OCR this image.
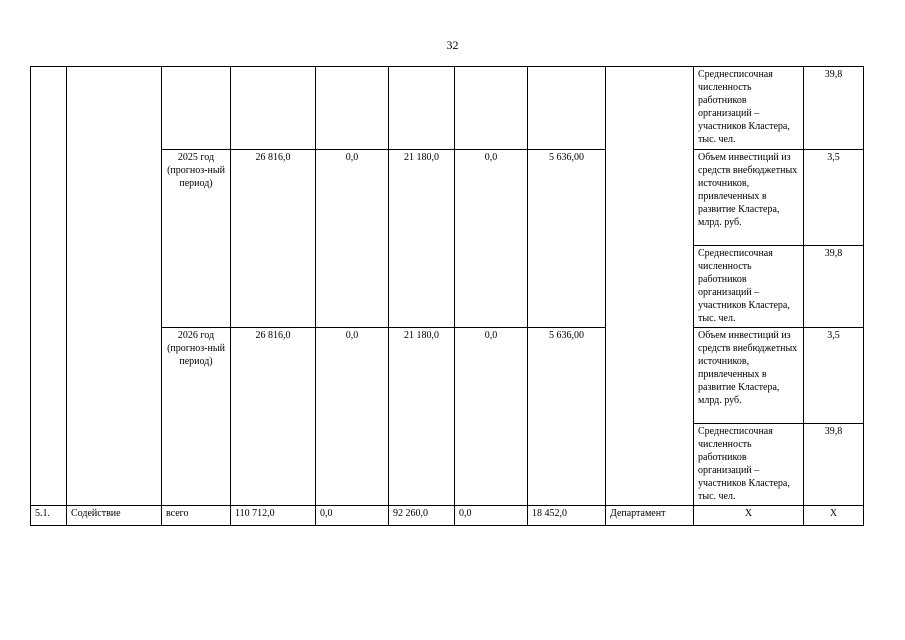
32
									Среднесписочная численность работников организаций – участников Кластера, тыс. чел.	39,8
		2025 год (прогноз-ный период)	26 816,0	0,0	21 180,0	0,0	5 636,00		Объем инвестиций из средств внебюджетных источников, привлеченных в развитие Кластера, млрд. руб.	3,5
									Среднесписочная численность работников организаций – участников Кластера, тыс. чел.	39,8
		2026 год (прогноз-ный период)	26 816,0	0,0	21 180,0	0,0	5 636,00		Объем инвестиций из средств внебюджетных источников, привлеченных в развитие Кластера, млрд. руб.	3,5
									Среднесписочная численность работников организаций – участников Кластера, тыс. чел.	39,8
5.1.	Содействие	всего	110 712,0	0,0	92 260,0	0,0	18 452,0	Департамент	X	X
